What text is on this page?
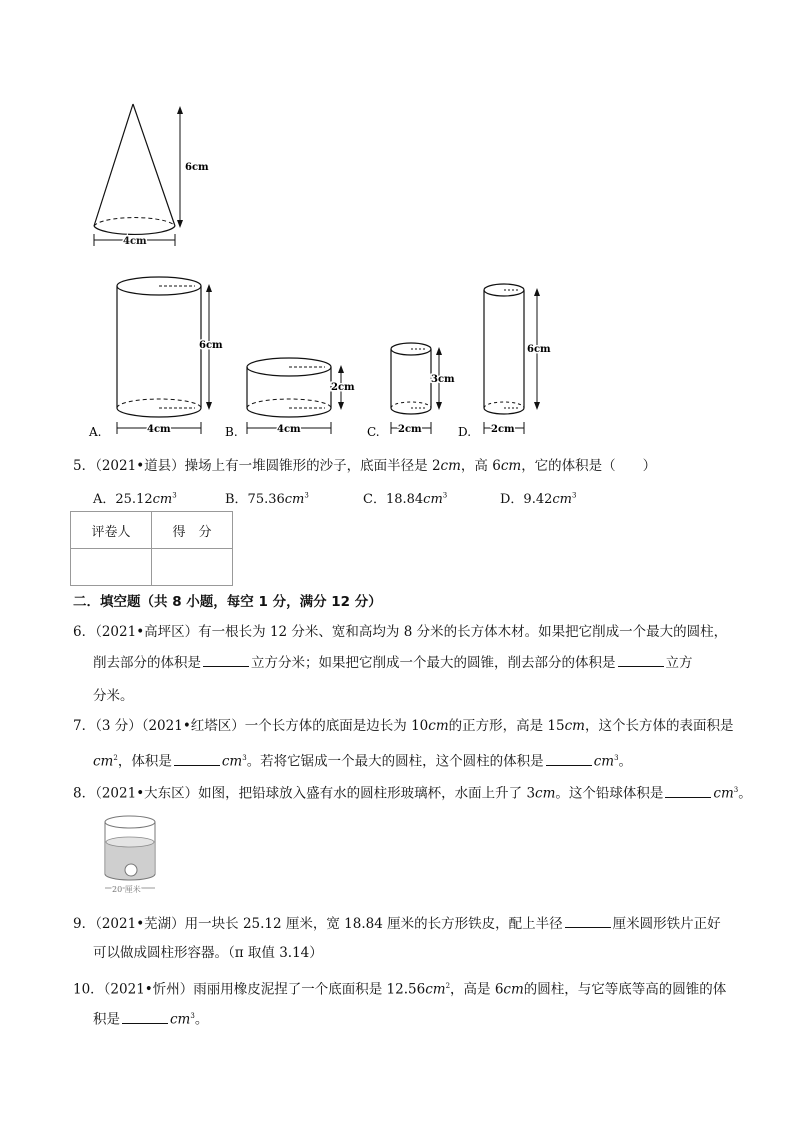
6cm
4cm
6cm
4cm
A.
2cm
4cm
B.
3cm
2cm
C.
6cm
2cm
D.
5．（2021•道县）操场上有一堆圆锥形的沙子，底面半径是 2cm，高 6cm，它的体积是（　　）
A．$25.12cm^3$	B．$75.36cm^3$	C．$18.84cm^3$	D．$9.42cm^3$
评卷人	得　分

二．填空题（共 8 小题，每空 1 分，满分 12 分）
6．（2021•高坪区）有一根长为 12 分米、宽和高均为 8 分米的长方体木材。如果把它削成一个最大的圆柱，
削去部分的体积是	立方分米；如果把它削成一个最大的圆锥，削去部分的体积是	立方
分米。
7．（3 分）（2021•红塔区）一个长方体的底面是边长为 10cm的正方形，高是 15cm，这个长方体的表面积是
$cm^2$，体积是	$cm^3$。若将它锯成一个最大的圆柱，这个圆柱的体积是	$cm^3$。
8．（2021•大东区）如图，把铅球放入盛有水的圆柱形玻璃杯，水面上升了 3cm。这个铅球体积是	$cm^3$。
20 厘米
9．（2021•芜湖）用一块长 25.12 厘米，宽 18.84 厘米的长方形铁皮，配上半径	厘米圆形铁片正好
可以做成圆柱形容器。（π 取值 3.14）
10．（2021•忻州）雨丽用橡皮泥捏了一个底面积是 $12.56cm^2$，高是 6cm的圆柱，与它等底等高的圆锥的体
积是	$cm^3$。
